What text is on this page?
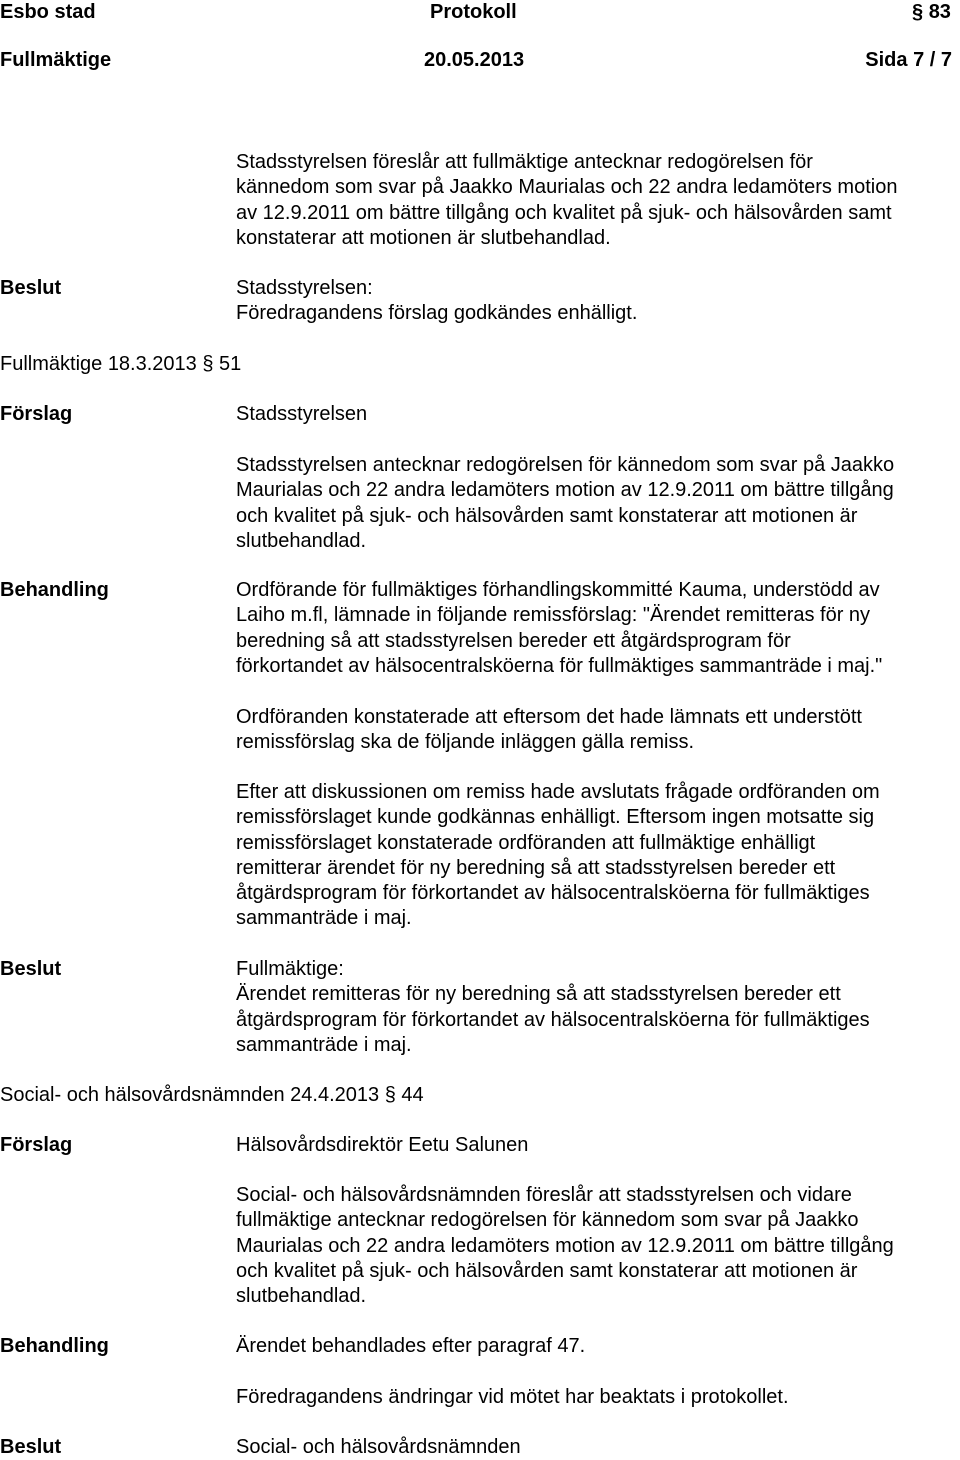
Esbo stad	Protokoll	§ 83
Fullmäktige	20.05.2013	Sida 7 / 7
Stadsstyrelsen föreslår att fullmäktige antecknar redogörelsen för
kännedom som svar på Jaakko Maurialas och 22 andra ledamöters motion
av 12.9.2011 om bättre tillgång och kvalitet på sjuk- och hälsovården samt
konstaterar att motionen är slutbehandlad.
Beslut	Stadsstyrelsen:
Föredragandens förslag godkändes enhälligt.
Fullmäktige 18.3.2013 § 51
Förslag	Stadsstyrelsen
Stadsstyrelsen antecknar redogörelsen för kännedom som svar på Jaakko
Maurialas och 22 andra ledamöters motion av 12.9.2011 om bättre tillgång
och kvalitet på sjuk- och hälsovården samt konstaterar att motionen är
slutbehandlad.
Behandling	Ordförande för fullmäktiges förhandlingskommitté Kauma, understödd av
Laiho m.fl, lämnade in följande remissförslag: "Ärendet remitteras för ny
beredning så att stadsstyrelsen bereder ett åtgärdsprogram för
förkortandet av hälsocentralsköerna för fullmäktiges sammanträde i maj."
Ordföranden konstaterade att eftersom det hade lämnats ett understött
remissförslag ska de följande inläggen gälla remiss.
Efter att diskussionen om remiss hade avslutats frågade ordföranden om
remissförslaget kunde godkännas enhälligt. Eftersom ingen motsatte sig
remissförslaget konstaterade ordföranden att fullmäktige enhälligt
remitterar ärendet för ny beredning så att stadsstyrelsen bereder ett
åtgärdsprogram för förkortandet av hälsocentralsköerna för fullmäktiges
sammanträde i maj.
Beslut	Fullmäktige:
Ärendet remitteras för ny beredning så att stadsstyrelsen bereder ett
åtgärdsprogram för förkortandet av hälsocentralsköerna för fullmäktiges
sammanträde i maj.
Social- och hälsovårdsnämnden 24.4.2013 § 44
Förslag	Hälsovårdsdirektör Eetu Salunen
Social- och hälsovårdsnämnden föreslår att stadsstyrelsen och vidare
fullmäktige antecknar redogörelsen för kännedom som svar på Jaakko
Maurialas och 22 andra ledamöters motion av 12.9.2011 om bättre tillgång
och kvalitet på sjuk- och hälsovården samt konstaterar att motionen är
slutbehandlad.
Behandling	Ärendet behandlades efter paragraf 47.
Föredragandens ändringar vid mötet har beaktats i protokollet.
Beslut	Social- och hälsovårdsnämnden
